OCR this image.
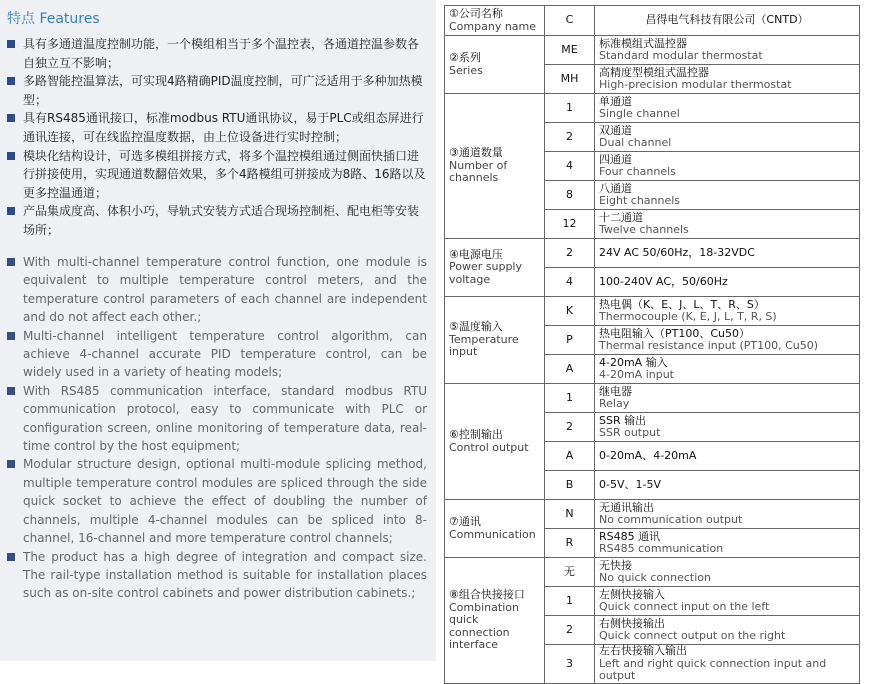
特点 Features
具有多通道温度控制功能，一个模组相当于多个温控表，各通道控温参数各自独立互不影响；
多路智能控温算法，可实现4路精确PID温度控制，可广泛适用于多种加热模型；
具有RS485通讯接口，标准modbus RTU通讯协议，易于PLC或组态屏进行通讯连接，可在线监控温度数据，由上位设备进行实时控制；
模块化结构设计，可选多模组拼接方式，将多个温控模组通过侧面快插口进行拼接使用，实现通道数翻倍效果，多个4路模组可拼接成为8路、16路以及更多控温通道；
产品集成度高、体积小巧，导轨式安装方式适合现场控制柜、配电柜等安装场所；
With multi-channel temperature control function, one module is equivalent to multiple temperature control meters, and the temperature control parameters of each channel are independent and do not affect each other.;
Multi-channel intelligent temperature control algorithm, can achieve 4-channel accurate PID temperature control, can be widely used in a variety of heating models;
With RS485 communication interface, standard modbus RTU communication protocol, easy to communicate with PLC or configuration screen, online monitoring of temperature data, real-time control by the host equipment;
Modular structure design, optional multi-module splicing method, multiple temperature control modules are spliced through the side quick socket to achieve the effect of doubling the number of channels, multiple 4-channel modules can be spliced into 8-channel, 16-channel and more temperature control channels;
The product has a high degree of integration and compact size. The rail-type installation method is suitable for installation places such as on-site control cabinets and power distribution cabinets.;
①公司名称
Company name	C	昌得电气科技有限公司（CNTD）

②系列
Series	ME	标准模组式温控器
Standard modular thermostat

	MH	高精度型模组式温控器
High-precision modular thermostat

③通道数量
Number of channels	1	单通道
Single channel

	2	双通道
Dual channel

	4	四通道
Four channels

	8	八通道
Eight channels

	12	十二通道
Twelve channels

④电源电压
Power supply voltage	2	24V AC 50/60Hz，18-32VDC

	4	100-240V AC，50/60Hz

⑤温度输入
Temperature input	K	热电偶（K、E、J、L、T、R、S）
Thermocouple (K, E, J, L, T, R, S)

	P	热电阻输入（PT100、Cu50）
Thermal resistance input (PT100, Cu50)

	A	4-20mA 输入
4-20mA input

⑥控制输出
Control output	1	继电器
Relay

	2	SSR 输出
SSR output

	A	0-20mA、4-20mA

	B	0-5V、1-5V

⑦通讯
Communication	N	无通讯输出
No communication output

	R	RS485 通讯
RS485 communication

⑧组合快接接口
Combination quick connection interface	无	无快接
No quick connection

	1	左侧快接输入
Quick connect input on the left

	2	右侧快接输出
Quick connect output on the right

	3	左右快接输入输出
Left and right quick connection input and output
